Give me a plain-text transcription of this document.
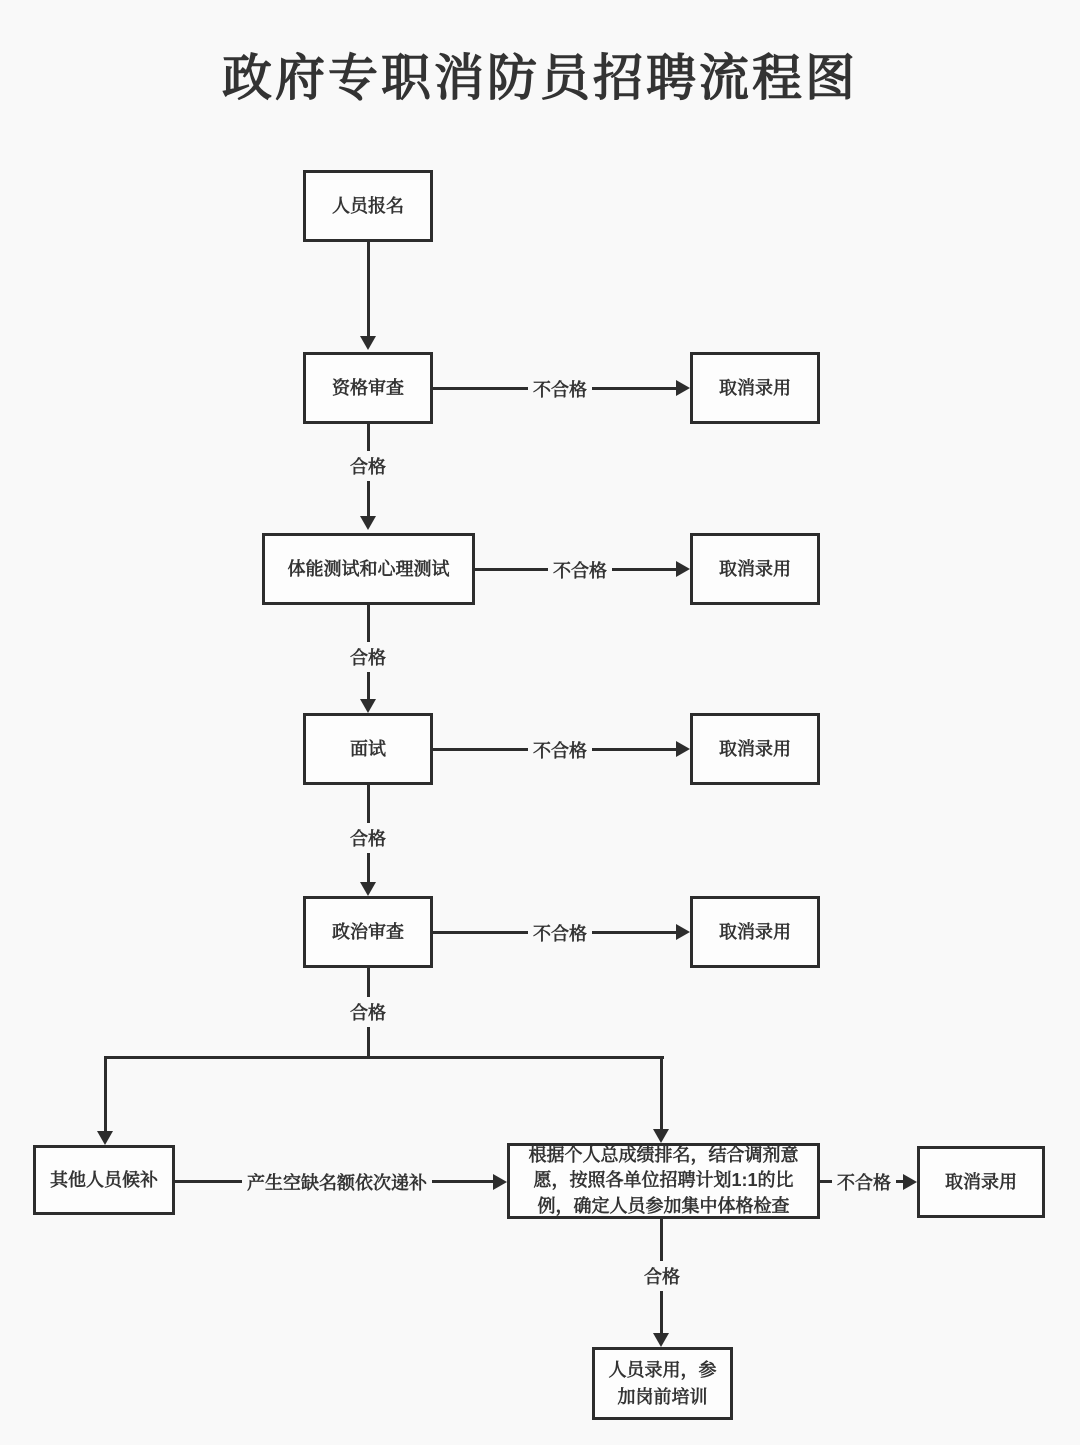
政府专职消防员招聘流程图
人员报名
资格审查	不合格	取消录用
合格
体能测试和心理测试	不合格	取消录用
合格
面试	不合格	取消录用
合格
政治审查	不合格	取消录用
合格
其他人员候补	产生空缺名额依次递补
根据个人总成绩排名，结合调剂意愿，按照各单位招聘计划1:1的比例，确定人员参加集中体格检查
不合格	取消录用
合格
人员录用，参加岗前培训
